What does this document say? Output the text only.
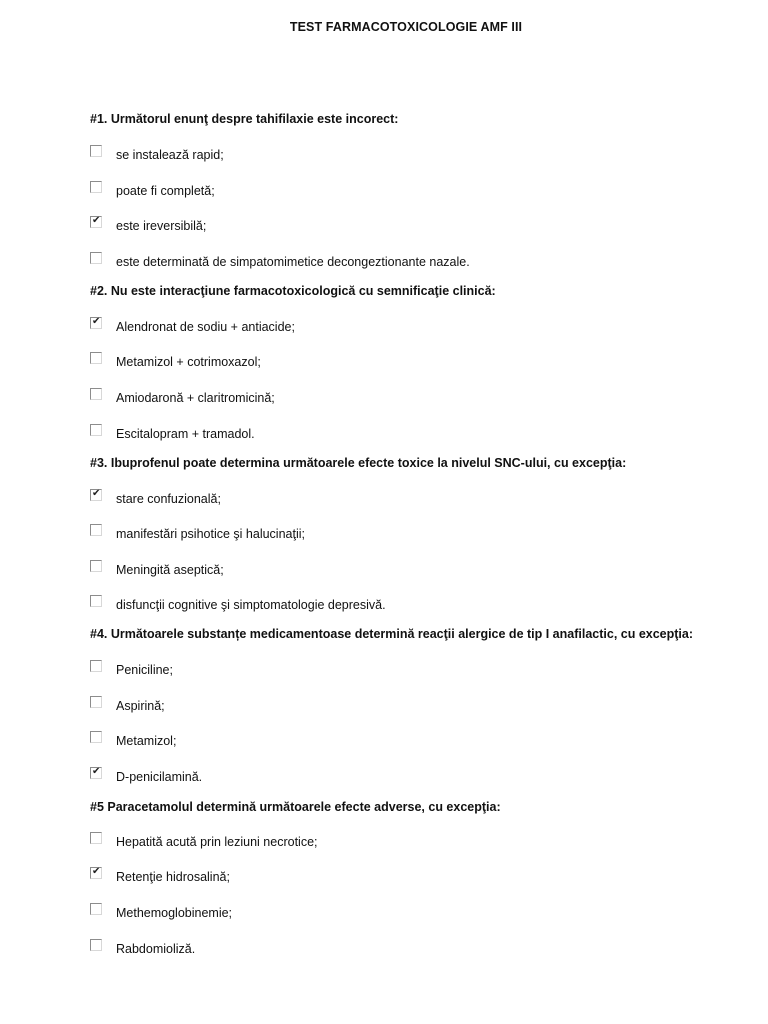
TEST FARMACOTOXICOLOGIE AMF III
#1. Următorul enunţ despre tahifilaxie este incorect:
se instalează rapid;
poate fi completă;
✔ este ireversibilă;
este determinată de simpatomimetice decongeztionante nazale.
#2. Nu este interacţiune farmacotoxicologică cu semnificaţie clinică:
✔ Alendronat de sodiu + antiacide;
Metamizol + cotrimoxazol;
Amiodaronă + claritromicină;
Escitalopram + tramadol.
#3. Ibuprofenul poate determina următoarele efecte toxice la nivelul SNC-ului, cu excepţia:
✔ stare confuzională;
manifestări psihotice şi halucinaţii;
Meningită aseptică;
disfuncţii cognitive şi simptomatologie depresivă.
#4. Următoarele substanțe medicamentoase determină reacţii alergice de tip I anafilactic, cu excepţia:
Peniciline;
Aspirină;
Metamizol;
✔ D-penicilamină.
#5 Paracetamolul determină următoarele efecte adverse, cu excepţia:
Hepatită acută prin leziuni necrotice;
✔ Retenţie hidrosalină;
Methemoglobinemie;
Rabdomioliză.
